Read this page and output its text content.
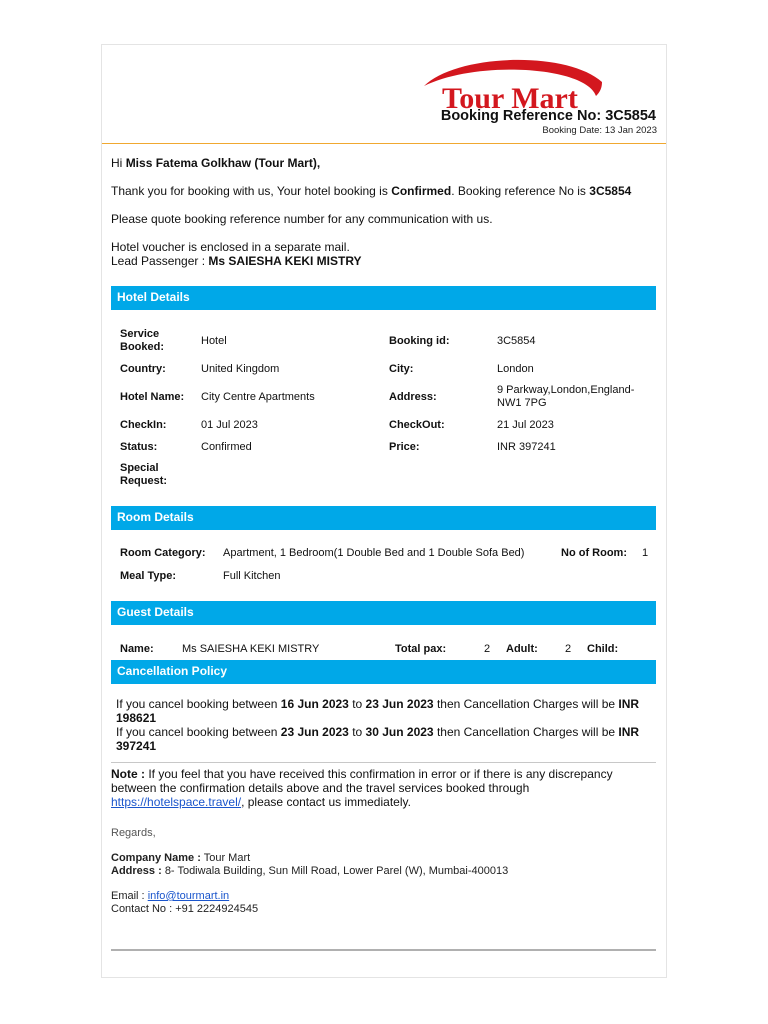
Tour Mart
Booking Reference No: 3C5854
Booking Date: 13 Jan 2023
Hi Miss Fatema Golkhaw (Tour Mart),
Thank you for booking with us, Your hotel booking is Confirmed. Booking reference No is 3C5854
Please quote booking reference number for any communication with us.
Hotel voucher is enclosed in a separate mail.
Lead Passenger : Ms SAIESHA KEKI MISTRY
Hotel Details
Service
Booked:	Hotel	Booking id:	3C5854
Country:	United Kingdom	City:	London
Hotel Name: City Centre Apartments	Address:
9 Parkway,London,England-
NW1 7PG
CheckIn:	01 Jul 2023	CheckOut:	21 Jul 2023
Status:	Confirmed	Price:	INR 397241
Special
Request:
Room Details
Room Category: Apartment, 1 Bedroom(1 Double Bed and 1 Double Sofa Bed)	No of Room: 1
Meal Type:	Full Kitchen
Guest Details
Name:	Ms SAIESHA KEKI MISTRY	Total pax:	2 Adult: 2 Child:
Cancellation Policy
If you cancel booking between 16 Jun 2023 to 23 Jun 2023 then Cancellation Charges will be INR
198621
If you cancel booking between 23 Jun 2023 to 30 Jun 2023 then Cancellation Charges will be INR
397241
Note : If you feel that you have received this confirmation in error or if there is any discrepancy between the confirmation details above and the travel services booked through https://hotelspace.travel/, please contact us immediately.
Regards,
Company Name : Tour Mart
Address : 8- Todiwala Building, Sun Mill Road, Lower Parel (W), Mumbai-400013
Email : info@tourmart.in
Contact No : +91 2224924545
